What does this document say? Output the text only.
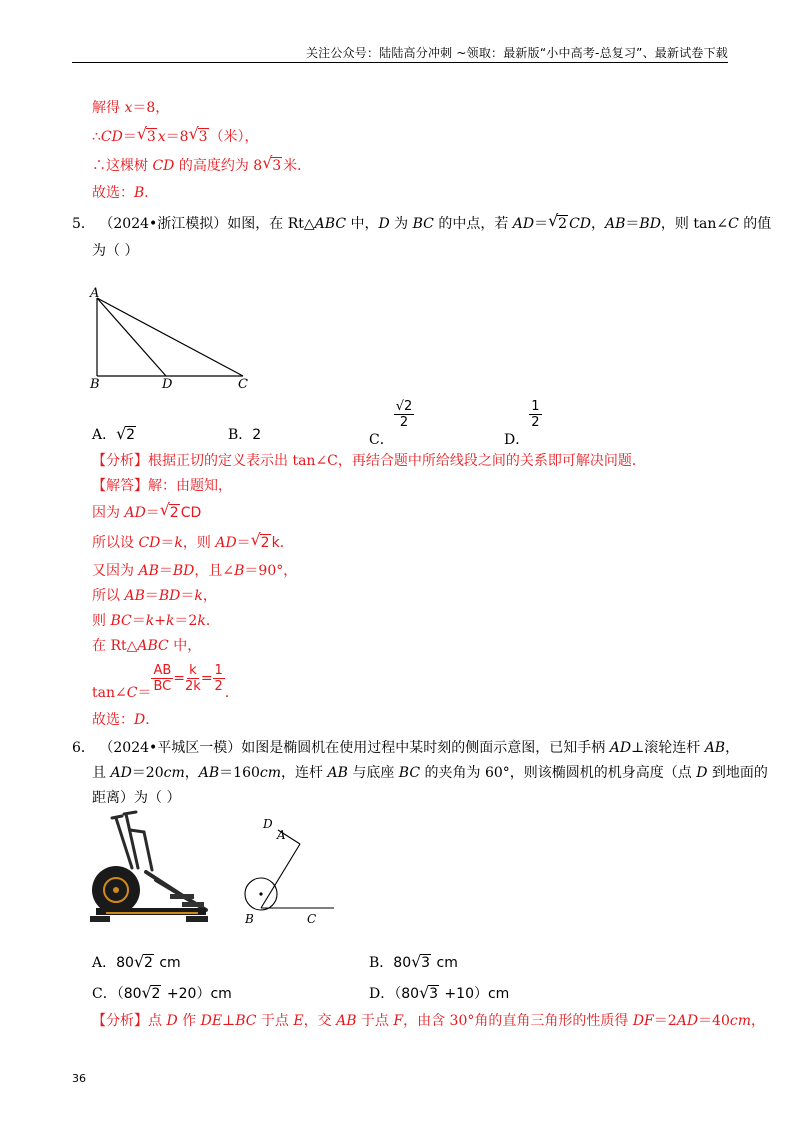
关注公众号：陆陆高分冲刺 ~领取：最新版“小中高考-总复习”、最新试卷下载
解得 x＝8，
∴CD＝ √ 3 x＝8 √ 3 （米），
∴这棵树 CD 的高度约为 8 √ 3 米．
故选：B．
5． （2024•浙江模拟）如图，在 Rt△ABC 中，D 为 BC 的中点，若 AD＝ √ 2 CD，AB＝BD，则 tan∠C 的值
为（ ）
A
B	D	C
A． √ 2	B．2	C．
$\frac{√2}{2}$
D．
$\frac{1}{2}$
【分析】根据正切的定义表示出 tan∠C，再结合题中所给线段之间的关系即可解决问题．
【解答】解：由题知，
因为 AD＝ √ 2 CD
所以设 CD＝k，则 AD＝ √ 2 k．
又因为 AB＝BD，且∠B＝90°，
所以 AB＝BD＝k，
则 BC＝k+k＝2k．
在 Rt△ABC 中，
tan∠C＝ $\frac{AB}{BC} = \frac{k}{2k} = \frac{1}{2}$ ．
故选：D．
6． （2024•平城区一模）如图是椭圆机在使用过程中某时刻的侧面示意图，已知手柄 AD⊥滚轮连杆 AB，
且 AD＝20cm，AB＝160cm，连杆 AB 与底座 BC 的夹角为 60°，则该椭圆机的机身高度（点 D 到地面的
距离）为（ ）
D
A
B	C
A．80 √ 2 cm	B．80 √ 3 cm
C．（80 √ 2 +20）cm	D．（80 √ 3 +10）cm
【分析】点 D 作 DE⊥BC 于点 E，交 AB 于点 F，由含 30°角的直角三角形的性质得 DF＝2AD＝40cm，
36
